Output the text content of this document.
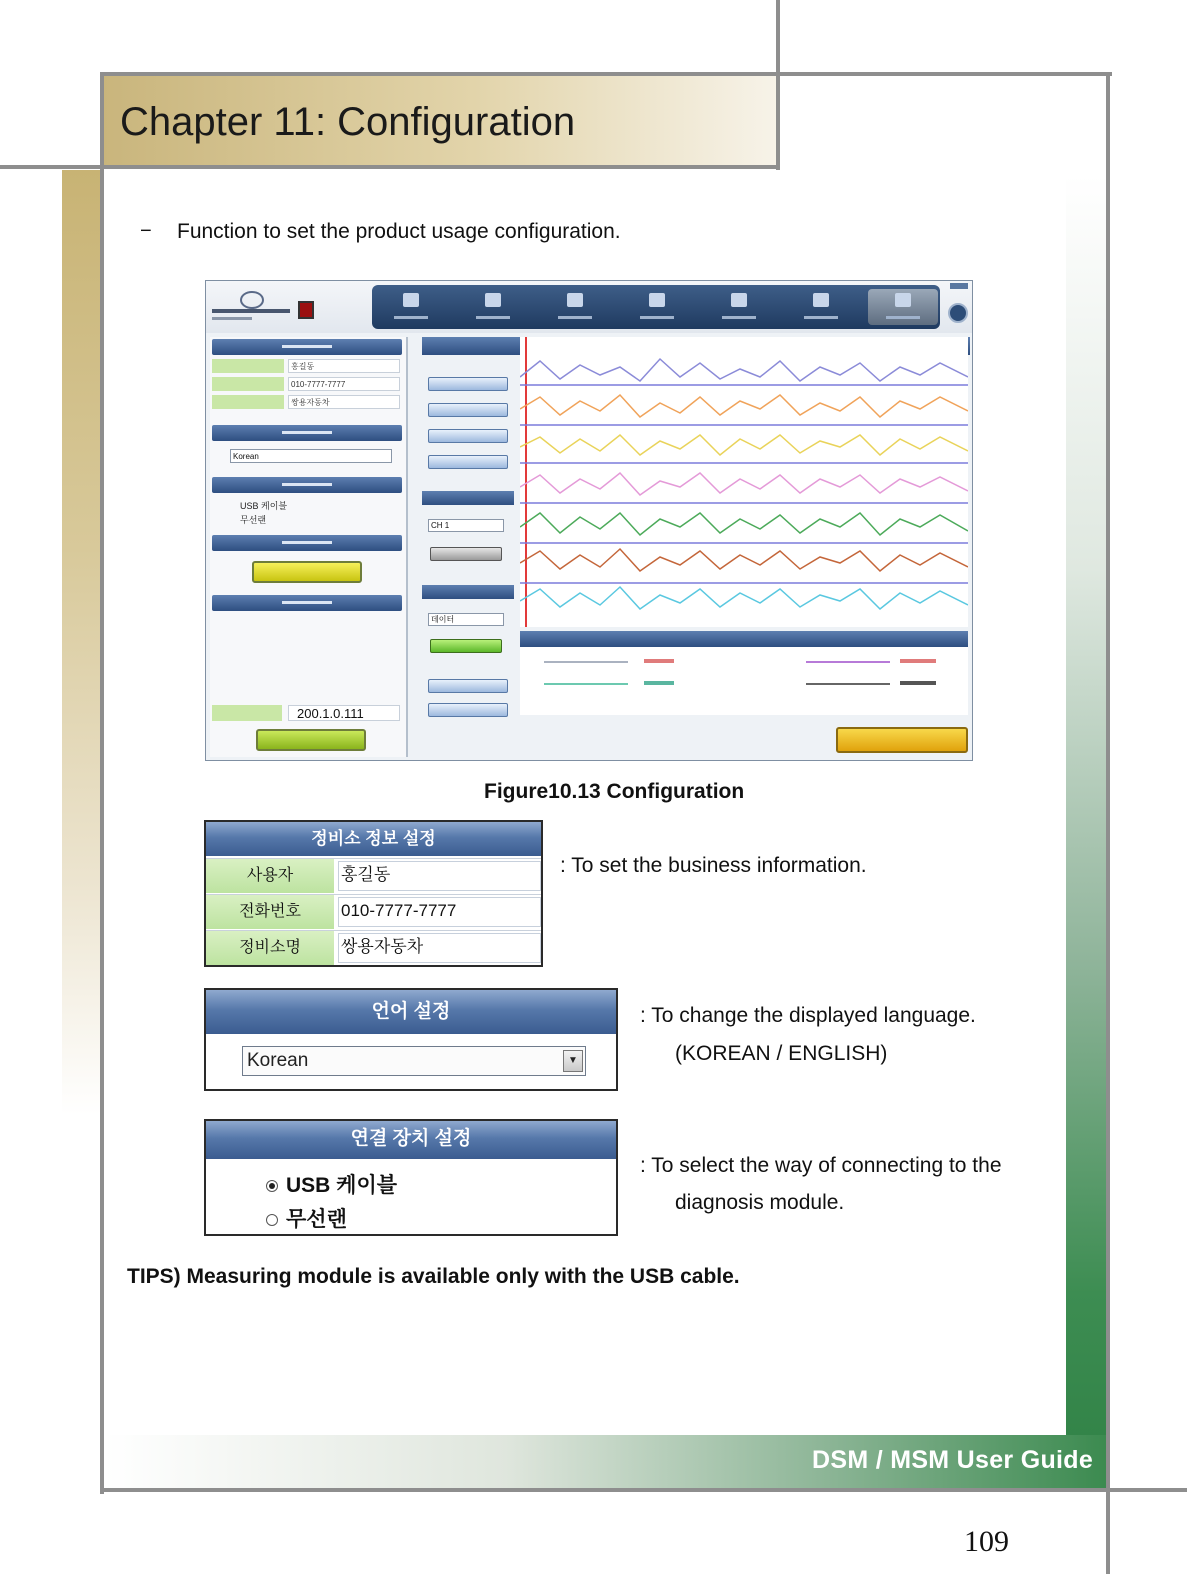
Chapter 11: Configuration
DSM / MSM User Guide
109
− Function to set the product usage configuration.
홍길동
010-7777-7777
쌍용자동차
Korean
USB 케이블
무선랜
200.1.0.111
CH 1
데이터
Figure10.13 Configuration
정비소 정보 설정
사용자	홍길동
전화번호	010-7777-7777
정비소명	쌍용자동차
: To set the business information.
언어 설정
Korean	▼
: To change the displayed language.
(KOREAN / ENGLISH)
연결 장치 설정
USB 케이블
무선랜
: To select the way of connecting to the
diagnosis module.
TIPS) Measuring module is available only with the USB cable.
